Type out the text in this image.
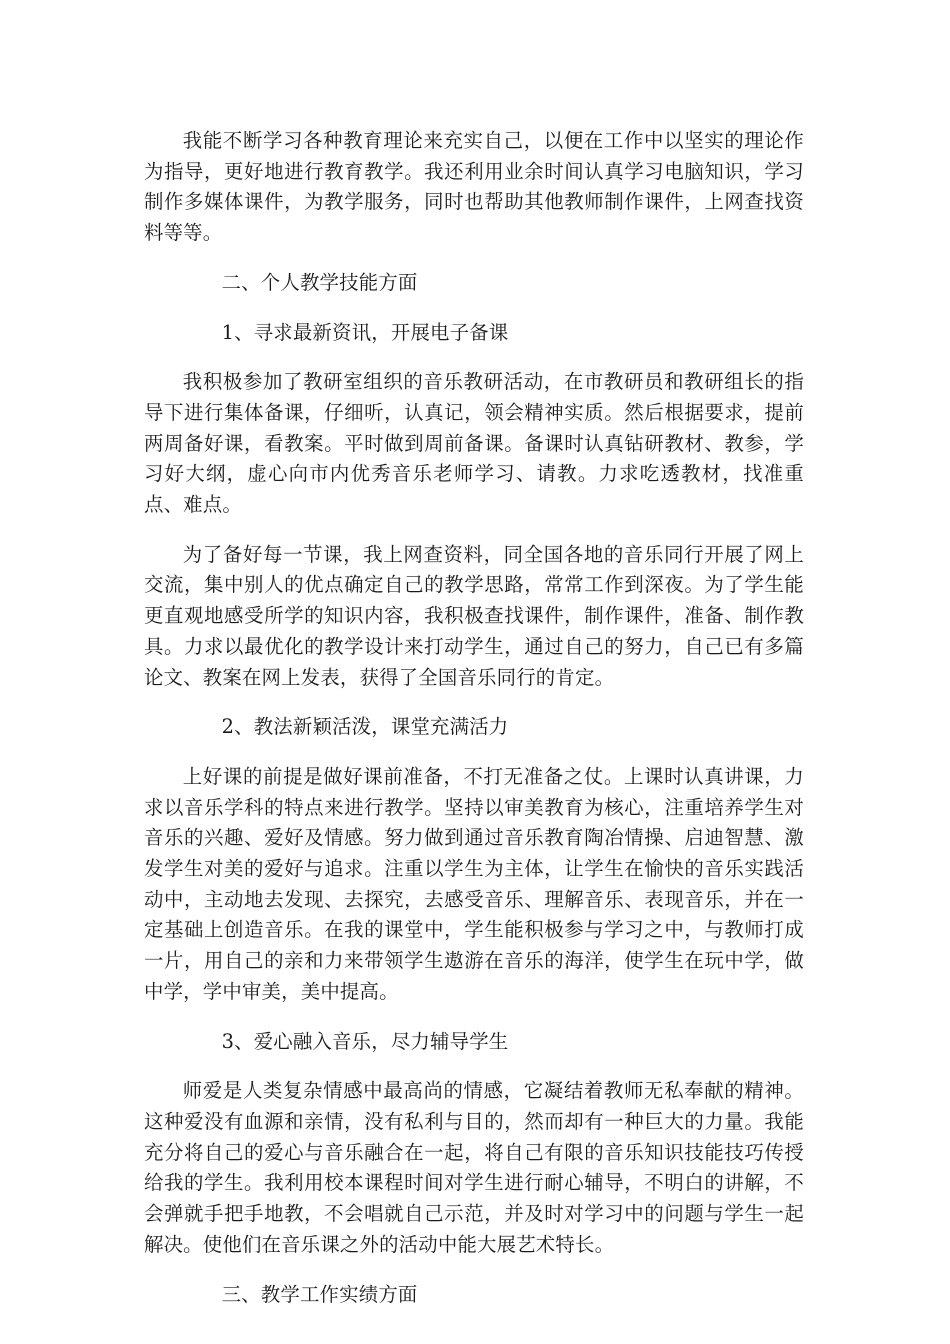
我能不断学习各种教育理论来充实自己，以便在工作中以坚实的理论作为指导，更好地进行教育教学。我还利用业余时间认真学习电脑知识，学习制作多媒体课件，为教学服务，同时也帮助其他教师制作课件，上网查找资料等等。

二、个人教学技能方面

1、寻求最新资讯，开展电子备课

我积极参加了教研室组织的音乐教研活动，在市教研员和教研组长的指导下进行集体备课，仔细听，认真记，领会精神实质。然后根据要求，提前两周备好课，看教案。平时做到周前备课。备课时认真钻研教材、教参，学习好大纲，虚心向市内优秀音乐老师学习、请教。力求吃透教材，找准重点、难点。

为了备好每一节课，我上网查资料，同全国各地的音乐同行开展了网上交流，集中别人的优点确定自己的教学思路，常常工作到深夜。为了学生能更直观地感受所学的知识内容，我积极查找课件，制作课件，准备、制作教具。力求以最优化的教学设计来打动学生，通过自己的努力，自己已有多篇论文、教案在网上发表，获得了全国音乐同行的肯定。

2、教法新颖活泼，课堂充满活力

上好课的前提是做好课前准备，不打无准备之仗。上课时认真讲课，力求以音乐学科的特点来进行教学。坚持以审美教育为核心，注重培养学生对音乐的兴趣、爱好及情感。努力做到通过音乐教育陶冶情操、启迪智慧、激发学生对美的爱好与追求。注重以学生为主体，让学生在愉快的音乐实践活动中，主动地去发现、去探究，去感受音乐、理解音乐、表现音乐，并在一定基础上创造音乐。在我的课堂中，学生能积极参与学习之中，与教师打成一片，用自己的亲和力来带领学生遨游在音乐的海洋，使学生在玩中学，做中学，学中审美，美中提高。

3、爱心融入音乐，尽力辅导学生

师爱是人类复杂情感中最高尚的情感，它凝结着教师无私奉献的精神。这种爱没有血源和亲情，没有私利与目的，然而却有一种巨大的力量。我能充分将自己的爱心与音乐融合在一起，将自己有限的音乐知识技能技巧传授给我的学生。我利用校本课程时间对学生进行耐心辅导，不明白的讲解，不会弹就手把手地教，不会唱就自己示范，并及时对学习中的问题与学生一起解决。使他们在音乐课之外的活动中能大展艺术特长。

三、教学工作实绩方面
